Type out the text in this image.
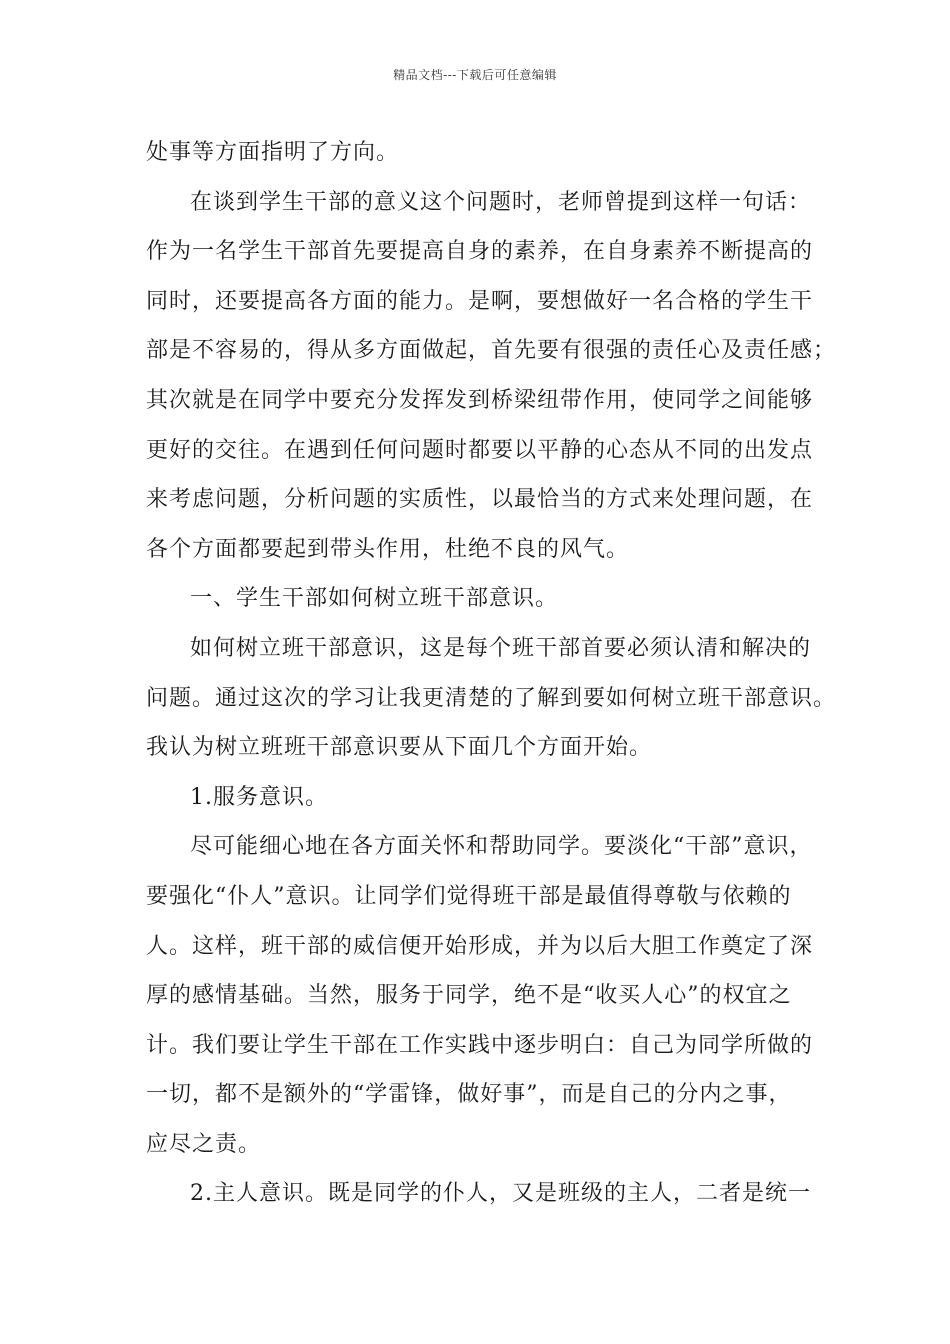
精品文档---下载后可任意编辑
处事等方面指明了方向。
在谈到学生干部的意义这个问题时，老师曾提到这样一句话：
作为一名学生干部首先要提高自身的素养，在自身素养不断提高的
同时，还要提高各方面的能力。是啊，要想做好一名合格的学生干
部是不容易的，得从多方面做起，首先要有很强的责任心及责任感；
其次就是在同学中要充分发挥发到桥梁纽带作用，使同学之间能够
更好的交往。在遇到任何问题时都要以平静的心态从不同的出发点
来考虑问题，分析问题的实质性，以最恰当的方式来处理问题，在
各个方面都要起到带头作用，杜绝不良的风气。
一、学生干部如何树立班干部意识。
如何树立班干部意识，这是每个班干部首要必须认清和解决的
问题。通过这次的学习让我更清楚的了解到要如何树立班干部意识。
我认为树立班班干部意识要从下面几个方面开始。
1.服务意识。
尽可能细心地在各方面关怀和帮助同学。要淡化“干部”意识，
要强化“仆人”意识。让同学们觉得班干部是最值得尊敬与依赖的
人。这样，班干部的威信便开始形成，并为以后大胆工作奠定了深
厚的感情基础。当然，服务于同学，绝不是“收买人心”的权宜之
计。我们要让学生干部在工作实践中逐步明白：自己为同学所做的
一切，都不是额外的“学雷锋，做好事”，而是自己的分内之事，
应尽之责。
2.主人意识。既是同学的仆人，又是班级的主人，二者是统一
